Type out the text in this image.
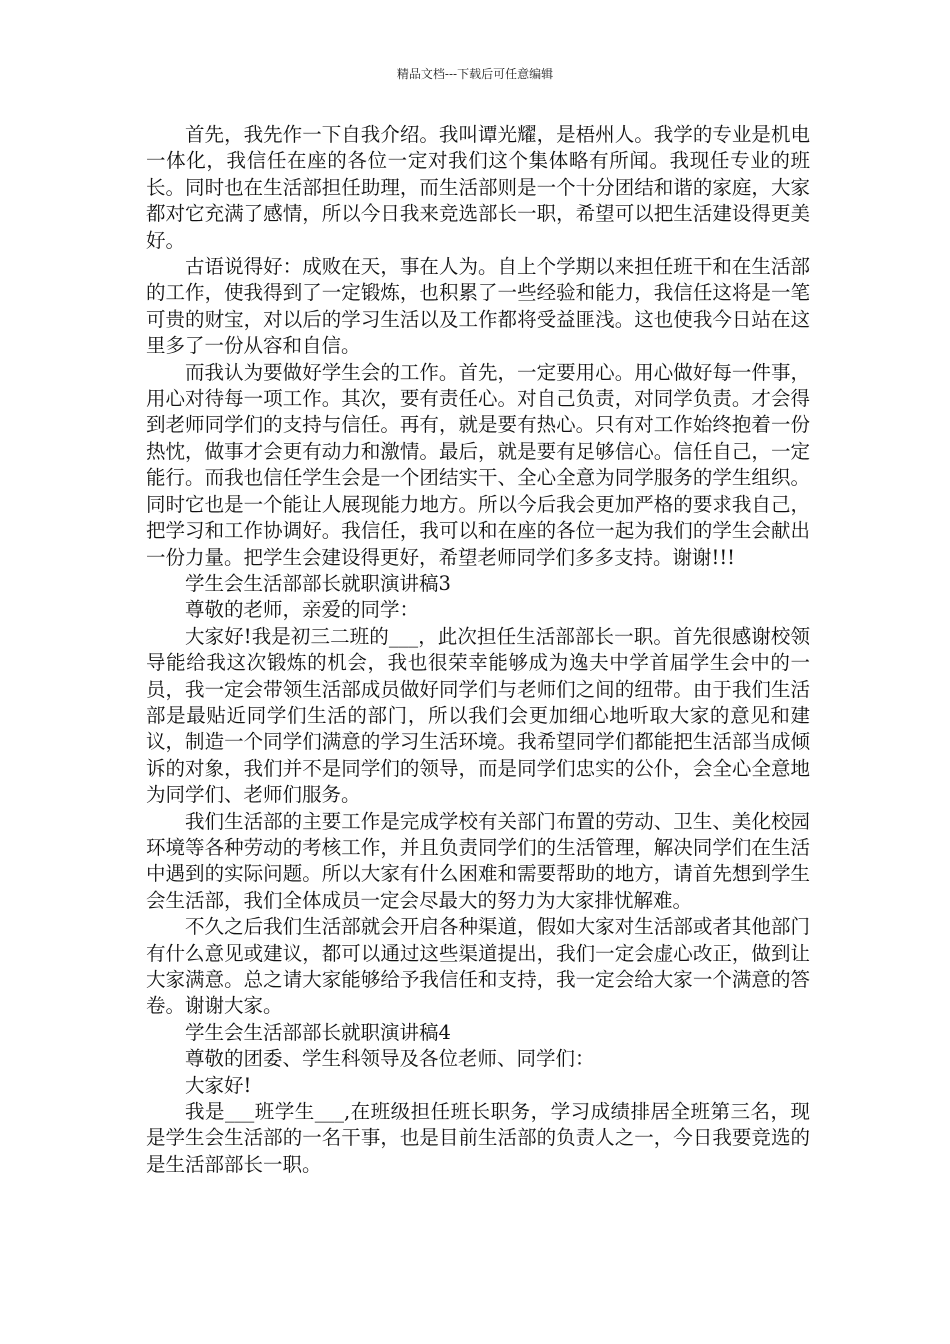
精品文档---下载后可任意编辑

首先，我先作一下自我介绍。我叫谭光耀，是梧州人。我学的专业是机电一体化，我信任在座的各位一定对我们这个集体略有所闻。我现任专业的班长。同时也在生活部担任助理，而生活部则是一个十分团结和谐的家庭，大家都对它充满了感情，所以今日我来竞选部长一职，希望可以把生活建设得更美好。

古语说得好：成败在天，事在人为。自上个学期以来担任班干和在生活部的工作，使我得到了一定锻炼，也积累了一些经验和能力，我信任这将是一笔可贵的财宝，对以后的学习生活以及工作都将受益匪浅。这也使我今日站在这里多了一份从容和自信。

而我认为要做好学生会的工作。首先，一定要用心。用心做好每一件事，用心对待每一项工作。其次，要有责任心。对自己负责，对同学负责。才会得到老师同学们的支持与信任。再有，就是要有热心。只有对工作始终抱着一份热忱，做事才会更有动力和激情。最后，就是要有足够信心。信任自己，一定能行。而我也信任学生会是一个团结实干、全心全意为同学服务的学生组织。同时它也是一个能让人展现能力地方。所以今后我会更加严格的要求我自己，把学习和工作协调好。我信任，我可以和在座的各位一起为我们的学生会献出一份力量。把学生会建设得更好，希望老师同学们多多支持。谢谢!!!

学生会生活部部长就职演讲稿3

尊敬的老师，亲爱的同学：

大家好!我是初三二班的___，此次担任生活部部长一职。首先很感谢校领导能给我这次锻炼的机会，我也很荣幸能够成为逸夫中学首届学生会中的一员，我一定会带领生活部成员做好同学们与老师们之间的纽带。由于我们生活部是最贴近同学们生活的部门，所以我们会更加细心地听取大家的意见和建议，制造一个同学们满意的学习生活环境。我希望同学们都能把生活部当成倾诉的对象，我们并不是同学们的领导，而是同学们忠实的公仆，会全心全意地为同学们、老师们服务。

我们生活部的主要工作是完成学校有关部门布置的劳动、卫生、美化校园环境等各种劳动的考核工作，并且负责同学们的生活管理，解决同学们在生活中遇到的实际问题。所以大家有什么困难和需要帮助的地方，请首先想到学生会生活部，我们全体成员一定会尽最大的努力为大家排忧解难。

不久之后我们生活部就会开启各种渠道，假如大家对生活部或者其他部门有什么意见或建议，都可以通过这些渠道提出，我们一定会虚心改正，做到让大家满意。总之请大家能够给予我信任和支持，我一定会给大家一个满意的答卷。谢谢大家。

学生会生活部部长就职演讲稿4

尊敬的团委、学生科领导及各位老师、同学们：

大家好!

我是___班学生___,在班级担任班长职务，学习成绩排居全班第三名，现是学生会生活部的一名干事，也是目前生活部的负责人之一，今日我要竞选的是生活部部长一职。
